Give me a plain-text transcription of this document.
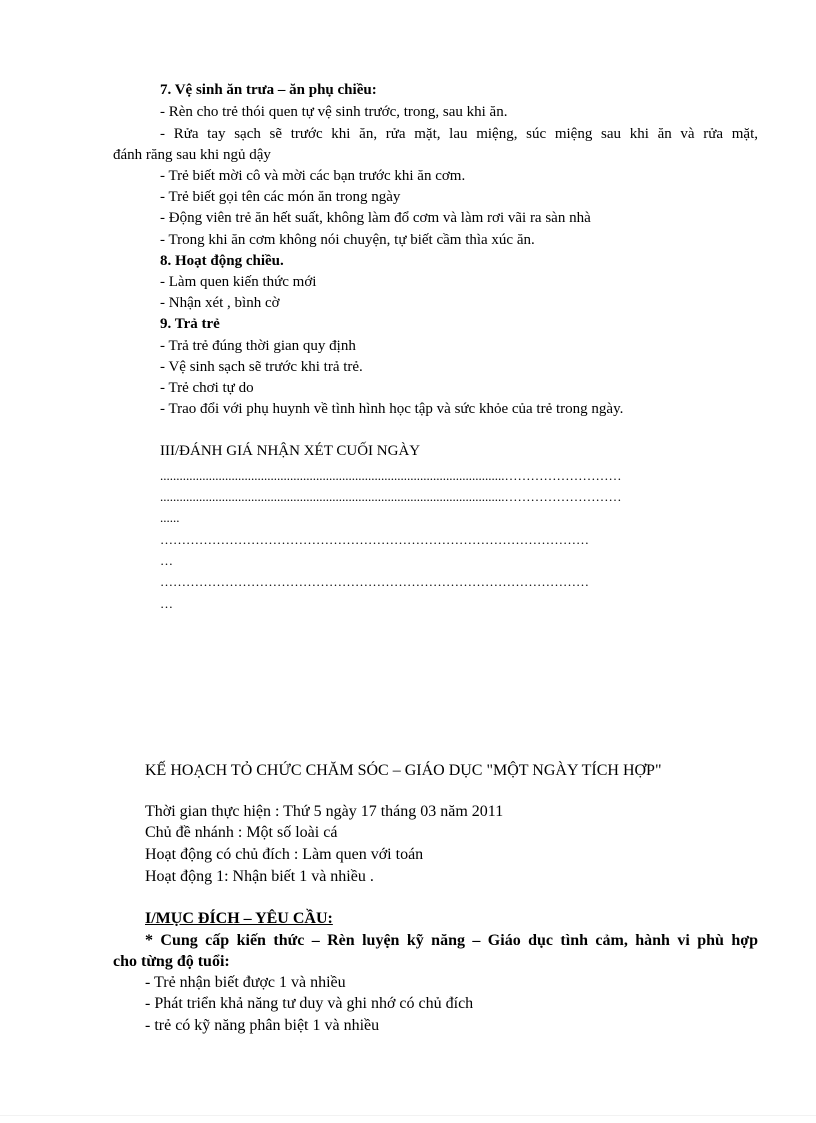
7. Vệ sinh ăn trưa – ăn phụ chiều:
- Rèn cho trẻ thói quen tự vệ sinh trước, trong, sau khi ăn.
- Rửa tay sạch sẽ trước khi ăn, rửa mặt, lau miệng, súc miệng sau khi ăn và rửa mặt,
đánh răng sau khi ngủ dậy
- Trẻ biết mời cô và mời các bạn trước khi ăn cơm.
- Trẻ biết gọi tên các món ăn trong ngày
- Động viên trẻ ăn hết suất, không làm đổ cơm và làm rơi vãi ra sàn nhà
- Trong khi ăn cơm không nói chuyện, tự biết cầm thìa xúc ăn.
8. Hoạt động chiều.
- Làm quen kiến thức mới
- Nhận xét , bình cờ
9. Trả trẻ
- Trả trẻ đúng thời gian quy định
- Vệ sinh sạch sẽ trước khi trả trẻ.
- Trẻ chơi tự do
- Trao đổi với phụ huynh về tình hình học tập và sức khỏe của trẻ trong ngày.
III/ĐÁNH GIÁ NHẬN XÉT CUỐI NGÀY
..........................................................................................................………………………
..........................................................................................................………………………
......
………………………………………………………………………………………
…
………………………………………………………………………………………
…
KẾ HOẠCH TỎ CHỨC CHĂM SÓC – GIÁO DỤC "MỘT NGÀY TÍCH HỢP"
Thời gian thực hiện : Thứ 5 ngày 17 tháng 03 năm 2011
Chủ đề nhánh : Một số loài cá
Hoạt động có chủ đích : Làm quen với toán
Hoạt động 1: Nhận biết 1 và nhiều .
I/MỤC ĐÍCH – YÊU CẦU:
* Cung cấp kiến thức – Rèn luyện kỹ năng – Giáo dục tình cảm, hành vi phù hợp
cho từng độ tuổi:
- Trẻ nhận biết được 1 và nhiều
- Phát triển khả năng tư duy và ghi nhớ có chủ đích
- trẻ có kỹ năng phân biệt 1 và nhiều
